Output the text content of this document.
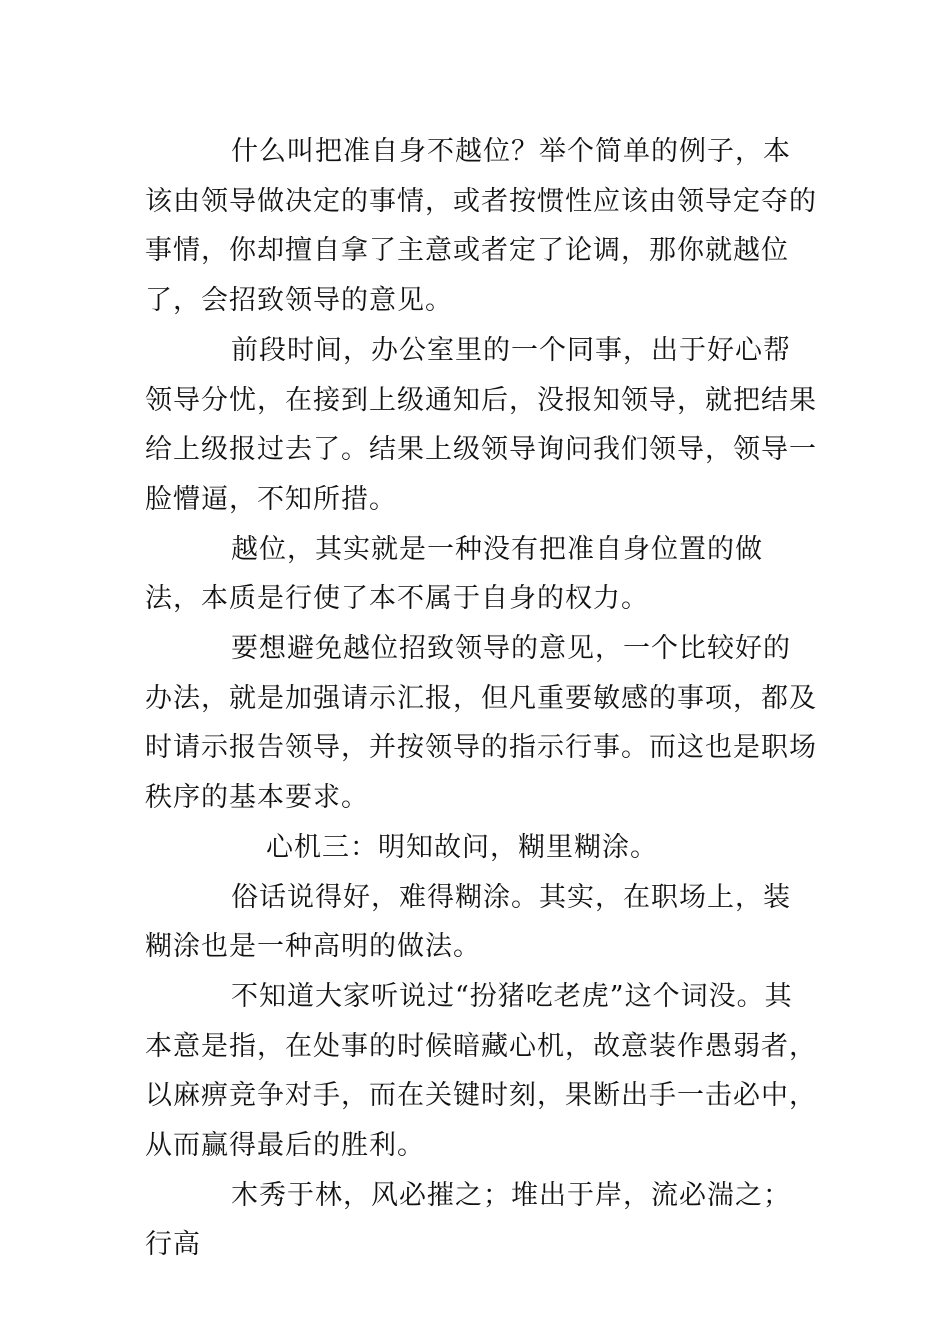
什么叫把准自身不越位？举个简单的例子，本该由领导做决定的事情，或者按惯性应该由领导定夺的事情，你却擅自拿了主意或者定了论调，那你就越位了，会招致领导的意见。

前段时间，办公室里的一个同事，出于好心帮领导分忧，在接到上级通知后，没报知领导，就把结果给上级报过去了。结果上级领导询问我们领导，领导一脸懵逼，不知所措。

越位，其实就是一种没有把准自身位置的做法，本质是行使了本不属于自身的权力。

要想避免越位招致领导的意见，一个比较好的办法，就是加强请示汇报，但凡重要敏感的事项，都及时请示报告领导，并按领导的指示行事。而这也是职场秩序的基本要求。

心机三：明知故问，糊里糊涂。

俗话说得好，难得糊涂。其实，在职场上，装糊涂也是一种高明的做法。

不知道大家听说过“扮猪吃老虎”这个词没。其本意是指，在处事的时候暗藏心机，故意装作愚弱者，以麻痹竞争对手，而在关键时刻，果断出手一击必中，从而赢得最后的胜利。

木秀于林，风必摧之；堆出于岸，流必湍之；行高
